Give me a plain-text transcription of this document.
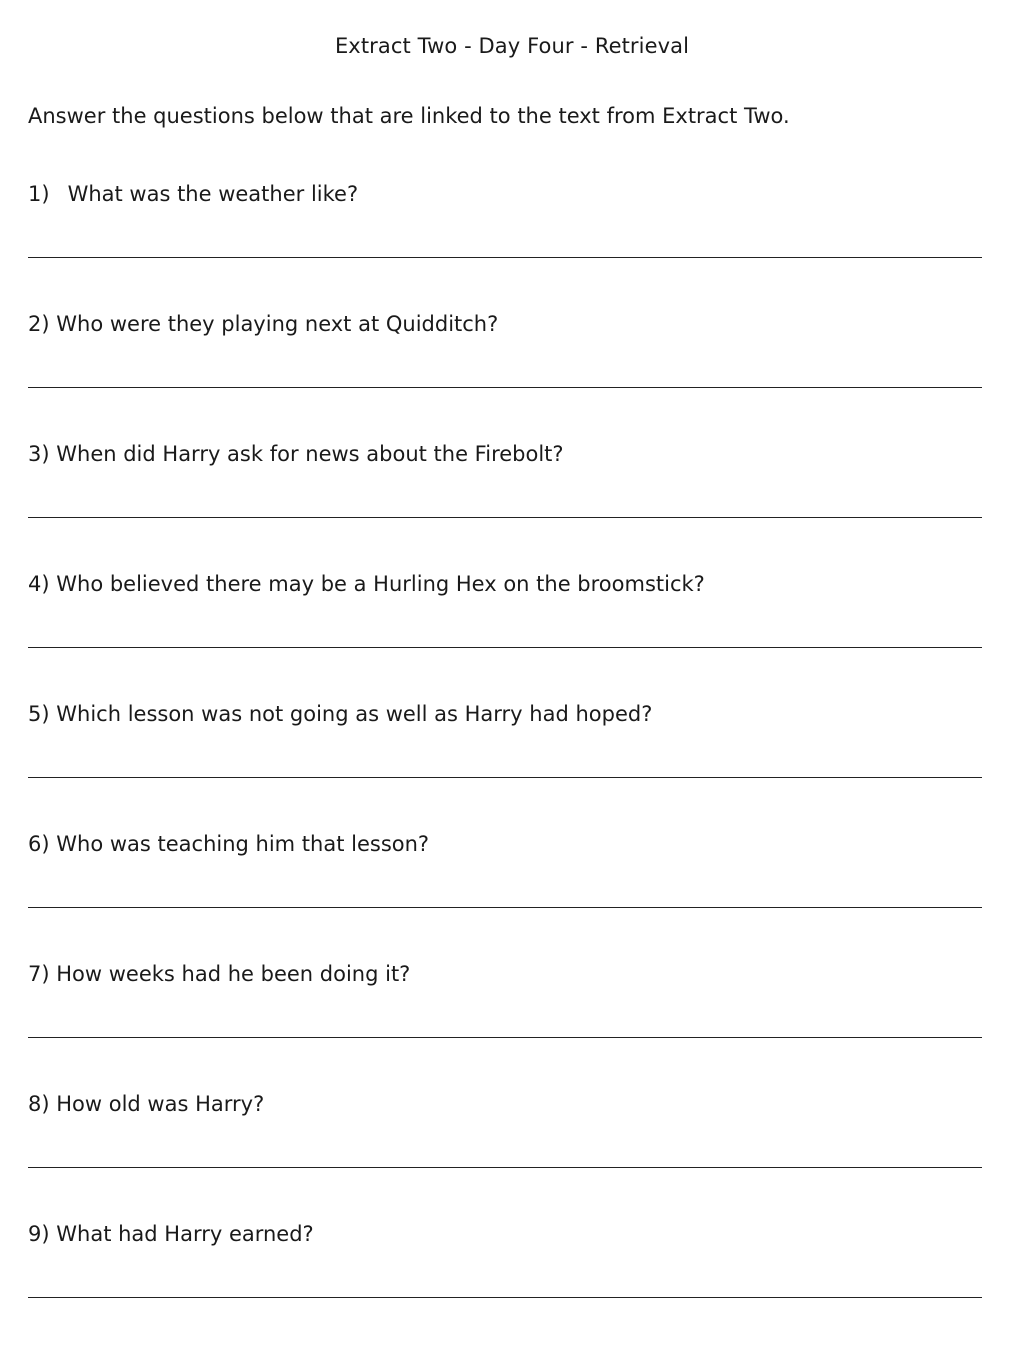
Extract Two - Day Four - Retrieval
Answer the questions below that are linked to the text from Extract Two.
1) What was the weather like?
2) Who were they playing next at Quidditch?
3) When did Harry ask for news about the Firebolt?
4) Who believed there may be a Hurling Hex on the broomstick?
5) Which lesson was not going as well as Harry had hoped?
6) Who was teaching him that lesson?
7) How weeks had he been doing it?
8) How old was Harry?
9) What had Harry earned?
